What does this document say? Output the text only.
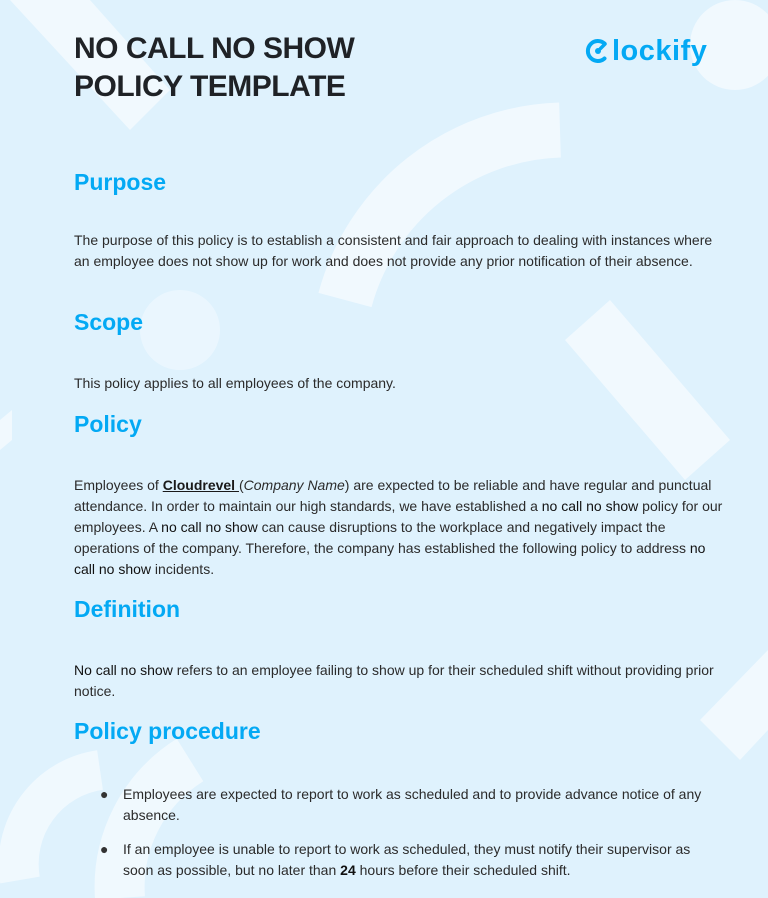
NO CALL NO SHOW
POLICY TEMPLATE
lockify
Purpose

The purpose of this policy is to establish a consistent and fair approach to dealing with instances where an employee does not show up for work and does not provide any prior notification of their absence.

Scope

This policy applies to all employees of the company.

Policy

Employees of Cloudrevel (Company Name) are expected to be reliable and have regular and punctual attendance. In order to maintain our high standards, we have established a no call no show policy for our employees. A no call no show can cause disruptions to the workplace and negatively impact the operations of the company. Therefore, the company has established the following policy to address no call no show incidents.

Definition

No call no show refers to an employee failing to show up for their scheduled shift without providing prior notice.

Policy procedure
● Employees are expected to report to work as scheduled and to provide advance notice of any absence.
● If an employee is unable to report to work as scheduled, they must notify their supervisor as soon as possible, but no later than 24 hours before their scheduled shift.
